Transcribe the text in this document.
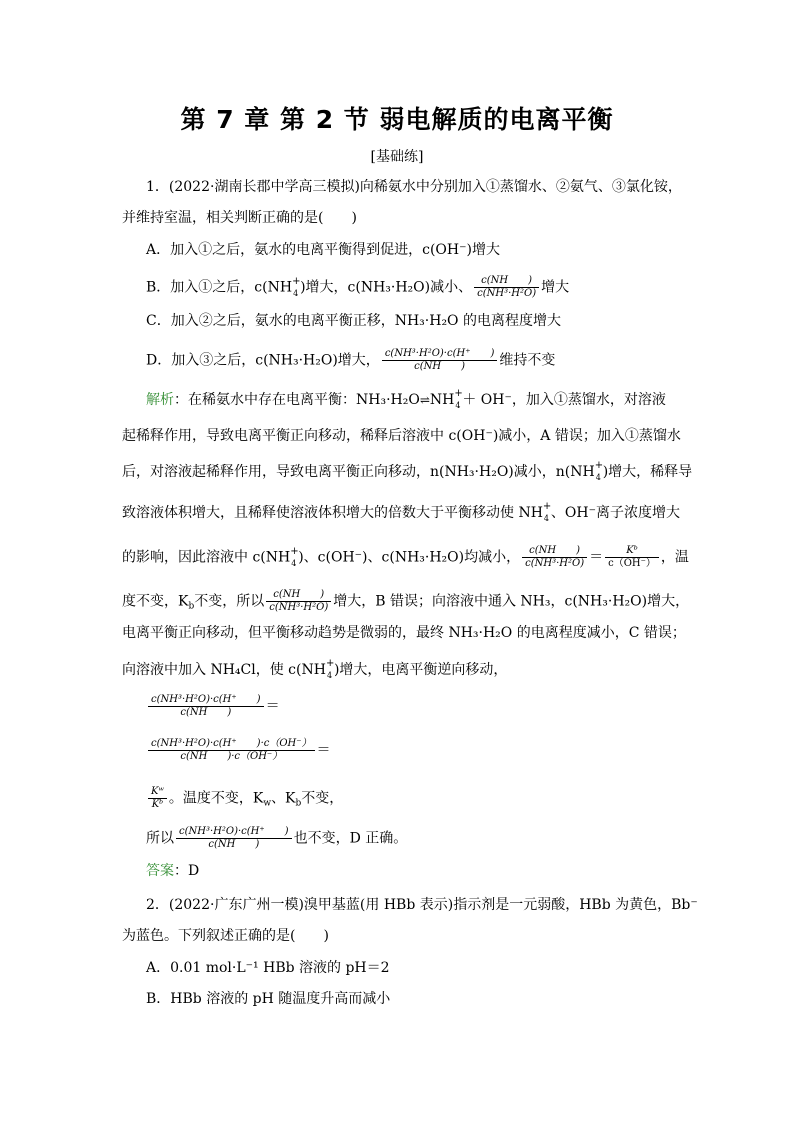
第 7 章 第 2 节 弱电解质的电离平衡
[基础练]
1．(2022·湖南长郡中学高三模拟)向稀氨水中分别加入①蒸馏水、②氨气、③氯化铵，
并维持室温，相关判断正确的是(　　)
A．加入①之后，氨水的电离平衡得到促进，c(OH⁻)增大
B．加入①之后，c(NH +
4 )增大，c(NH₃·H₂O)减小、 $\frac{c(NH )}{\text{c(NH³·H²O)}}$ 增大
C．加入②之后，氨水的电离平衡正移，NH₃·H₂O 的电离程度增大
D．加入③之后，c(NH₃·H₂O)增大， $\frac{\text{c(NH³·H²O)·c(H⁺　　)}}{c(NH )}$ 维持不变
解析：在稀氨水中存在电离平衡：NH₃·H₂O⇌NH +
4 ＋ OH⁻，加入①蒸馏水，对溶液
起稀释作用，导致电离平衡正向移动，稀释后溶液中 c(OH⁻)减小，A 错误；加入①蒸馏水
后，对溶液起稀释作用，导致电离平衡正向移动，n(NH₃·H₂O)减小，n(NH +
4 )增大，稀释导
致溶液体积增大，且稀释使溶液体积增大的倍数大于平衡移动使 NH +
4 、OH⁻离子浓度增大
的影响，因此溶液中 c(NH +
4 )、c(OH⁻)、c(NH₃·H₂O)均减小， $\frac{c(NH )}{\text{c(NH³·H²O)}} = \frac{\text{Kᵇ}}{c(OH^-)}$ ，温
度不变，$K_b$不变，所以 $\frac{c(NH )}{\text{c(NH³·H²O)}}$ 增大，B 错误；向溶液中通入 NH₃，c(NH₃·H₂O)增大，
电离平衡正向移动，但平衡移动趋势是微弱的，最终 NH₃·H₂O 的电离程度减小，C 错误；
向溶液中加入 NH₄Cl，使 c(NH +
4 )增大，电离平衡逆向移动，
$\frac{\text{c(NH³·H²O)·c(H⁺　　)}}{c(NH )}$ ＝
$\frac{\text{c(NH³·H²O)·c(H⁺　　)·c（OH⁻）}}{c(NH )\cdot c(OH^-)}$ ＝
$\frac{\text{Kʷ}}{\text{Kᵇ}}$ 。温度不变，$K_w$、$K_b$不变，
所以 $\frac{\text{c(NH³·H²O)·c(H⁺　　)}}{c(NH )}$ 也不变，D 正确。
答案：D
2．(2022·广东广州一模)溴甲基蓝(用 HBb 表示)指示剂是一元弱酸，HBb 为黄色，Bb⁻
为蓝色。下列叙述正确的是(　　)
A．0.01 mol·L⁻¹ HBb 溶液的 pH＝2
B．HBb 溶液的 pH 随温度升高而减小
